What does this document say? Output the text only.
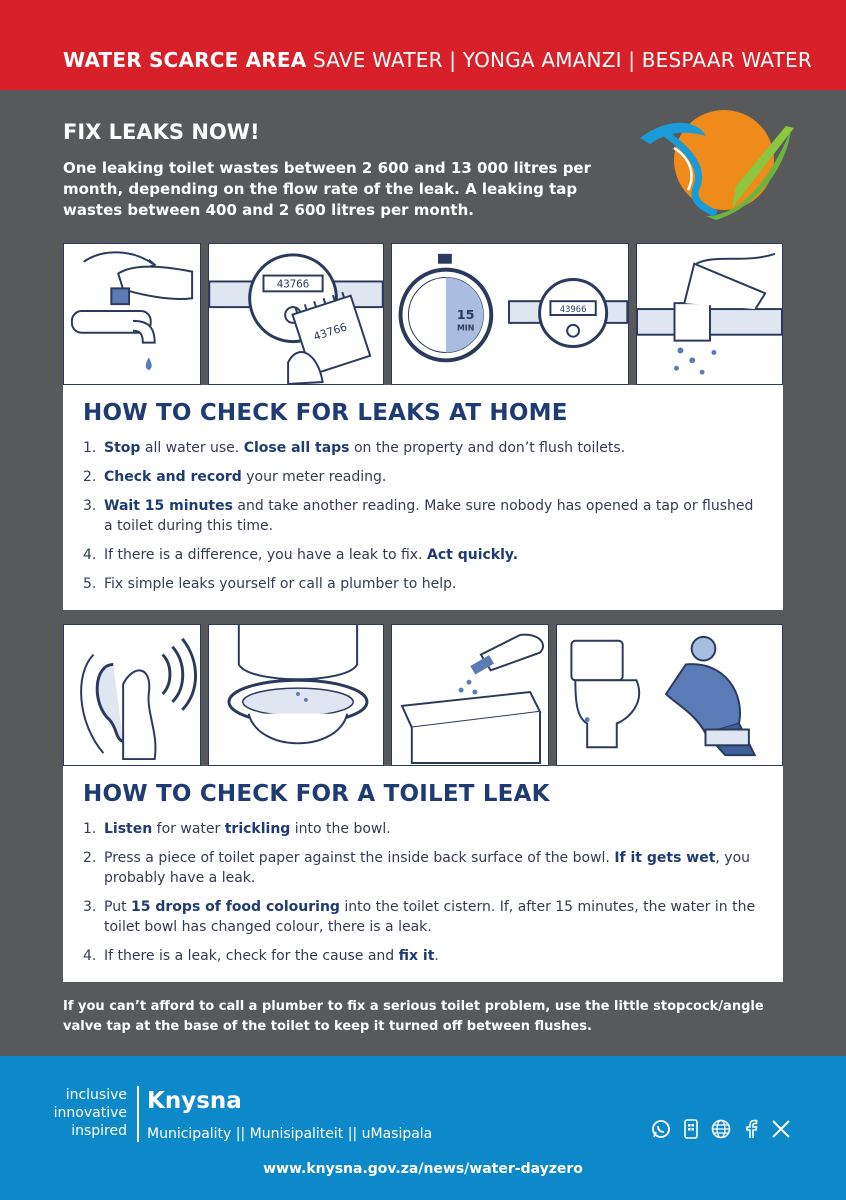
WATER SCARCE AREA SAVE WATER | YONGA AMANZI | BESPAAR WATER
FIX LEAKS NOW!
One leaking toilet wastes between 2 600 and 13 000 litres per month, depending on the flow rate of the leak. A leaking tap wastes between 400 and 2 600 litres per month.
43766
43766
15
MIN
43966
HOW TO CHECK FOR LEAKS AT HOME
1. Stop all water use. Close all taps on the property and don’t flush toilets.
2. Check and record your meter reading.
3. Wait 15 minutes and take another reading. Make sure nobody has opened a tap or flushed a toilet during this time.
4. If there is a difference, you have a leak to fix. Act quickly.
5. Fix simple leaks yourself or call a plumber to help.
HOW TO CHECK FOR A TOILET LEAK
1. Listen for water trickling into the bowl.
2. Press a piece of toilet paper against the inside back surface of the bowl. If it gets wet, you probably have a leak.
3. Put 15 drops of food colouring into the toilet cistern. If, after 15 minutes, the water in the toilet bowl has changed colour, there is a leak.
4. If there is a leak, check for the cause and fix it.
If you can’t afford to call a plumber to fix a serious toilet problem, use the little stopcock/angle valve tap at the base of the toilet to keep it turned off between flushes.
inclusive
innovative
inspired
Knysna
Municipality || Munisipaliteit || uMasipala
www.knysna.gov.za/news/water-dayzero
